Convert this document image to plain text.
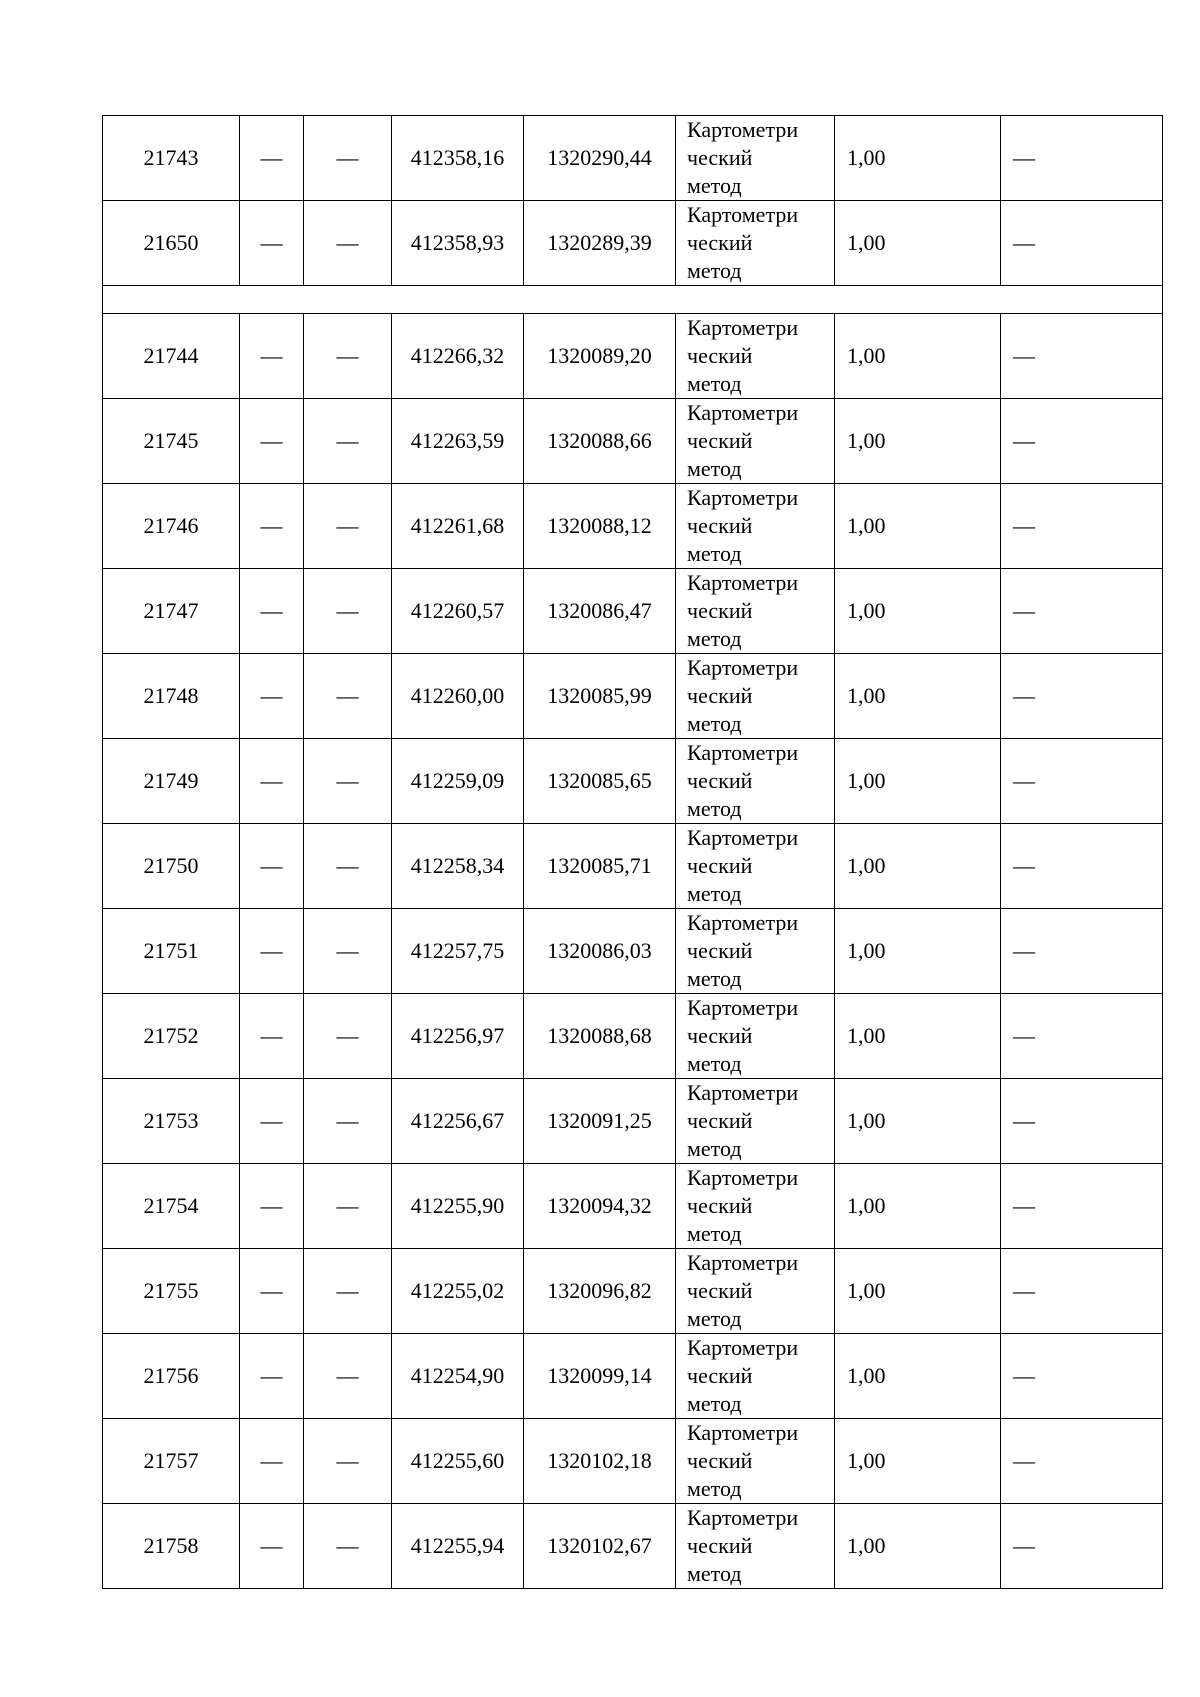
21743	—	—	412358,16	1320290,44	Картометри
ческий
метод	1,00	—
21650	—	—	412358,93	1320289,39	Картометри
ческий
метод	1,00	—

21744	—	—	412266,32	1320089,20	Картометри
ческий
метод	1,00	—
21745	—	—	412263,59	1320088,66	Картометри
ческий
метод	1,00	—
21746	—	—	412261,68	1320088,12	Картометри
ческий
метод	1,00	—
21747	—	—	412260,57	1320086,47	Картометри
ческий
метод	1,00	—
21748	—	—	412260,00	1320085,99	Картометри
ческий
метод	1,00	—
21749	—	—	412259,09	1320085,65	Картометри
ческий
метод	1,00	—
21750	—	—	412258,34	1320085,71	Картометри
ческий
метод	1,00	—
21751	—	—	412257,75	1320086,03	Картометри
ческий
метод	1,00	—
21752	—	—	412256,97	1320088,68	Картометри
ческий
метод	1,00	—
21753	—	—	412256,67	1320091,25	Картометри
ческий
метод	1,00	—
21754	—	—	412255,90	1320094,32	Картометри
ческий
метод	1,00	—
21755	—	—	412255,02	1320096,82	Картометри
ческий
метод	1,00	—
21756	—	—	412254,90	1320099,14	Картометри
ческий
метод	1,00	—
21757	—	—	412255,60	1320102,18	Картометри
ческий
метод	1,00	—
21758	—	—	412255,94	1320102,67	Картометри
ческий
метод	1,00	—
